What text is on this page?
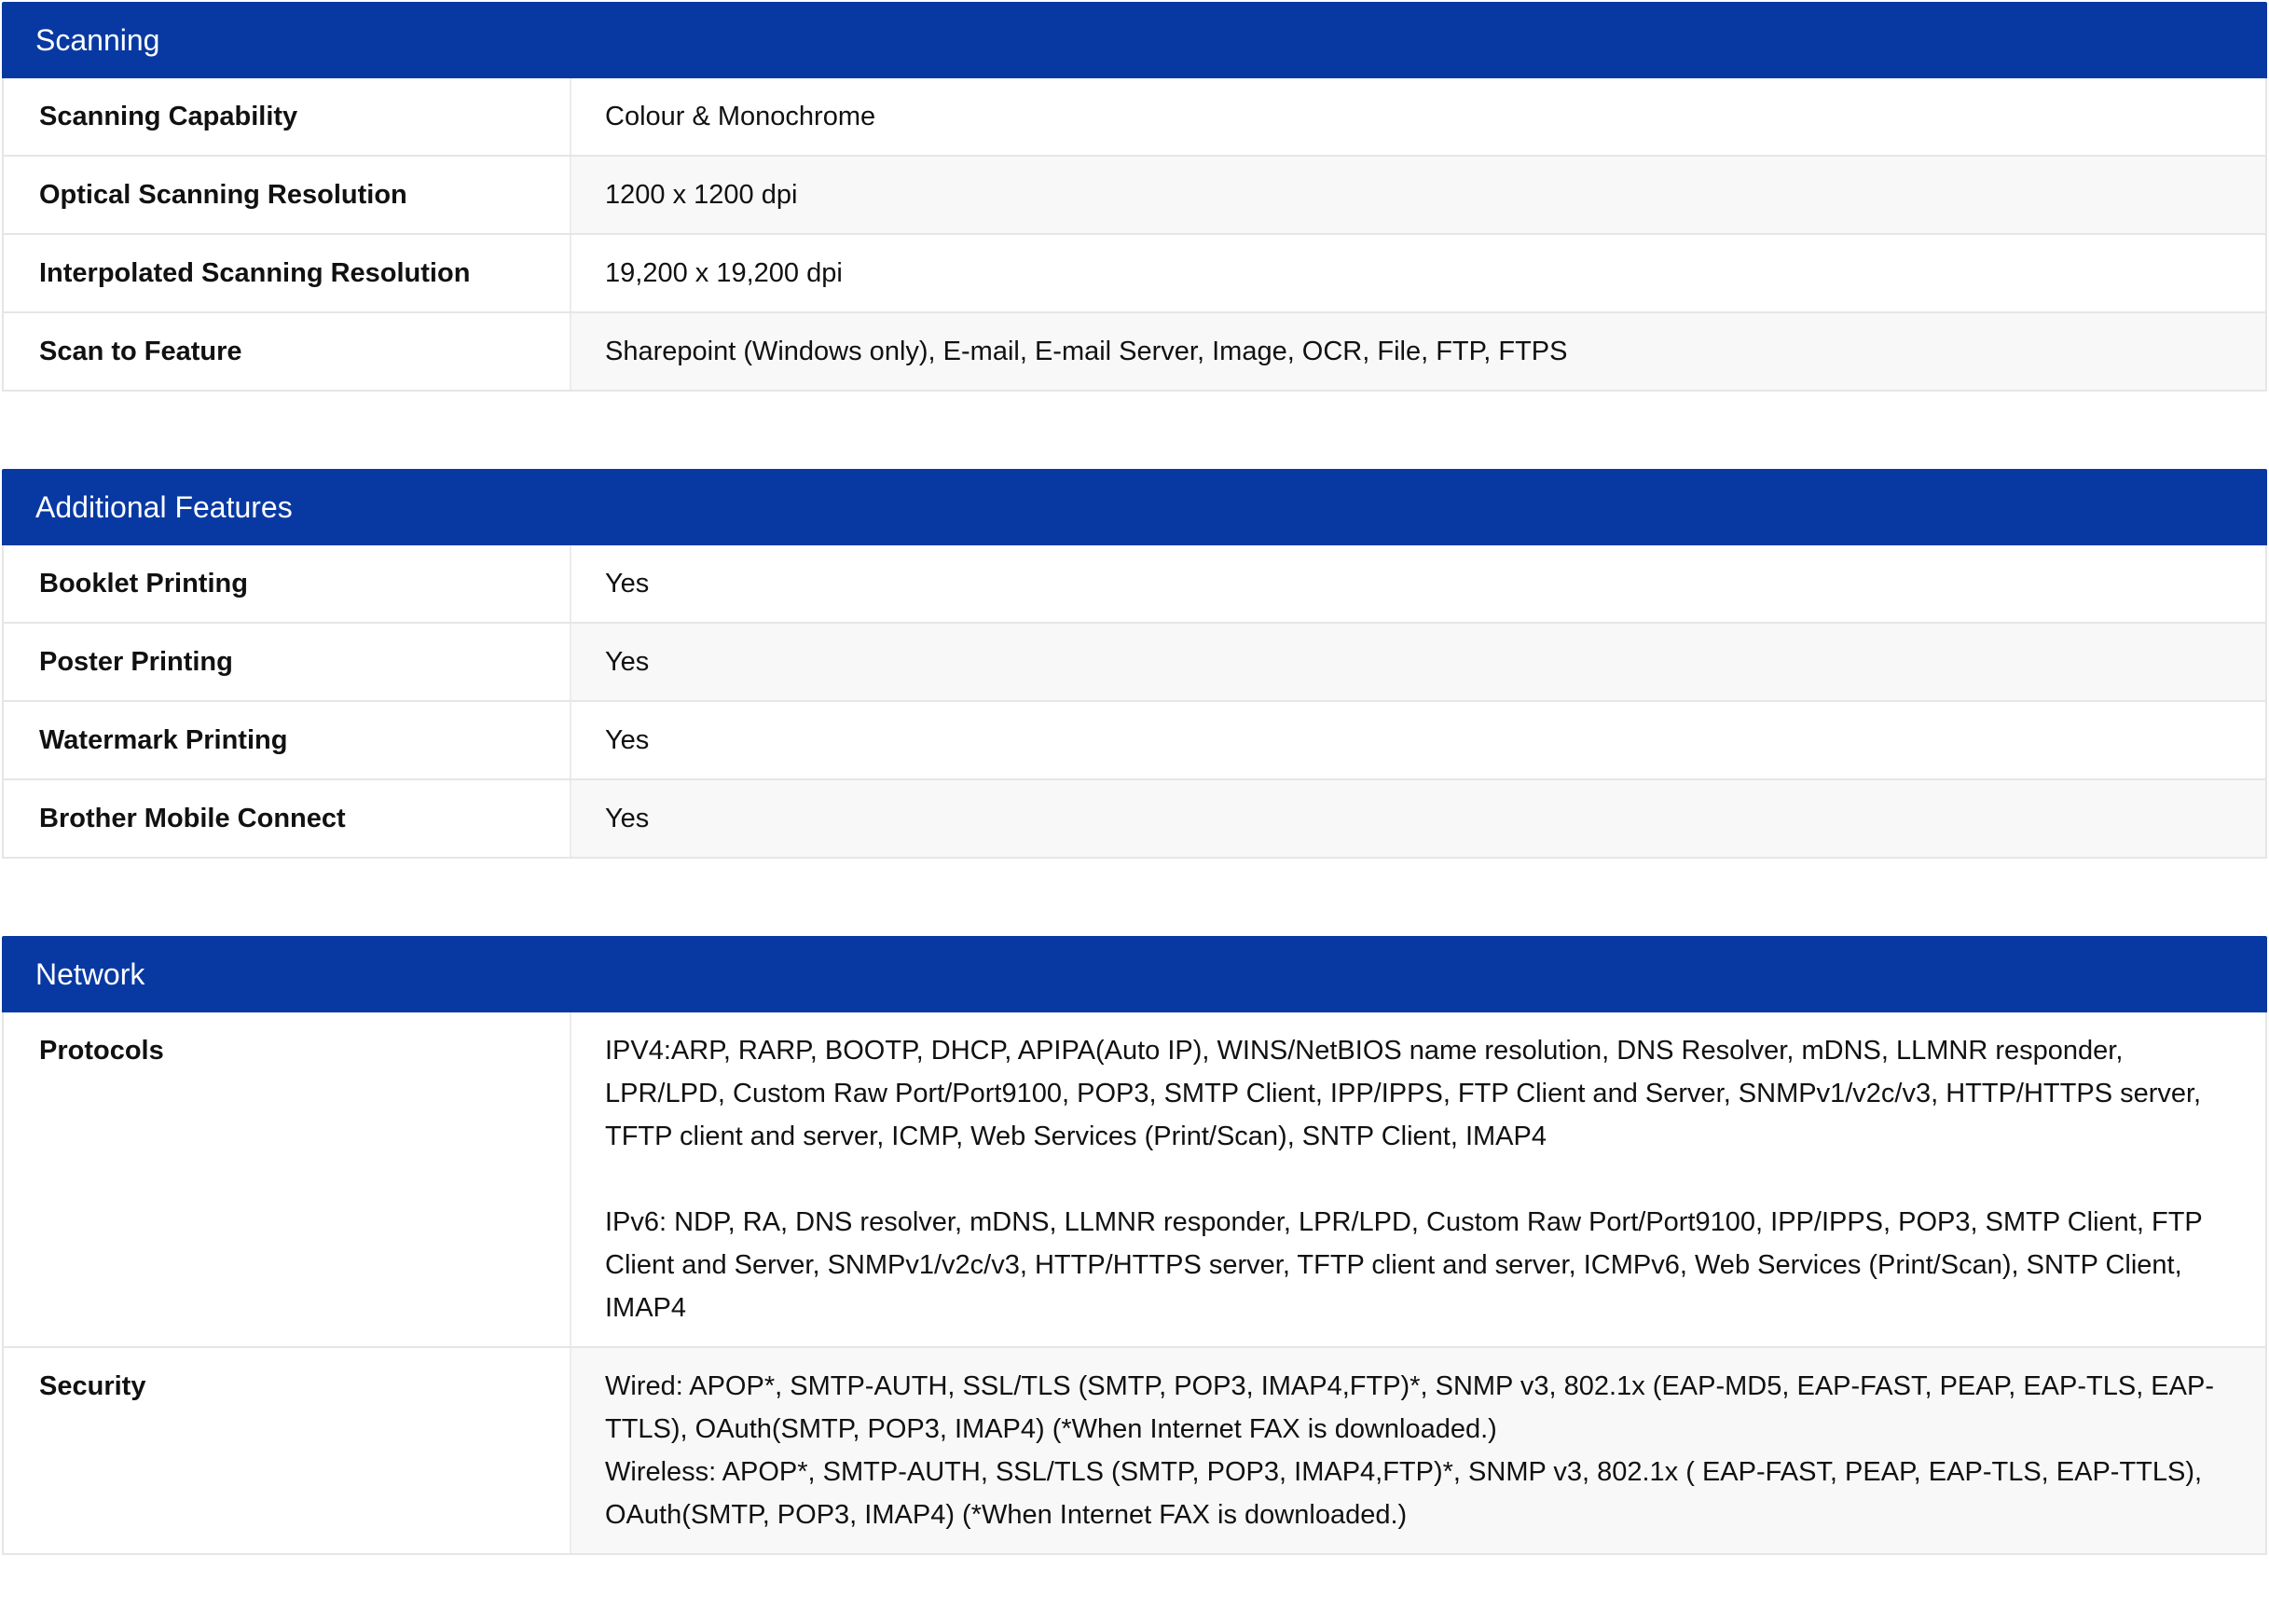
Scanning
Scanning Capability	Colour & Monochrome
Optical Scanning Resolution	1200 x 1200 dpi
Interpolated Scanning Resolution	19,200 x 19,200 dpi
Scan to Feature	Sharepoint (Windows only), E-mail, E-mail Server, Image, OCR, File, FTP, FTPS
Additional Features
Booklet Printing	Yes
Poster Printing	Yes
Watermark Printing	Yes
Brother Mobile Connect	Yes
Network
Protocols	IPV4:ARP, RARP, BOOTP, DHCP, APIPA(Auto IP), WINS/NetBIOS name resolution, DNS Resolver, mDNS, LLMNR responder, LPR/LPD, Custom Raw Port/Port9100, POP3, SMTP Client, IPP/IPPS, FTP Client and Server, SNMPv1/v2c/v3, HTTP/HTTPS server, TFTP client and server, ICMP, Web Services (Print/Scan), SNTP Client, IMAP4

IPv6: NDP, RA, DNS resolver, mDNS, LLMNR responder, LPR/LPD, Custom Raw Port/Port9100, IPP/IPPS, POP3, SMTP Client, FTP Client and Server, SNMPv1/v2c/v3, HTTP/HTTPS server, TFTP client and server, ICMPv6, Web Services (Print/Scan), SNTP Client, IMAP4

Security	Wired: APOP*, SMTP-AUTH, SSL/TLS (SMTP, POP3, IMAP4,FTP)*, SNMP v3, 802.1x (EAP-MD5, EAP-FAST, PEAP, EAP-TLS, EAP-TTLS), OAuth(SMTP, POP3, IMAP4) (*When Internet FAX is downloaded.)

Wireless: APOP*, SMTP-AUTH, SSL/TLS (SMTP, POP3, IMAP4,FTP)*, SNMP v3, 802.1x ( EAP-FAST, PEAP, EAP-TLS, EAP-TTLS), OAuth(SMTP, POP3, IMAP4) (*When Internet FAX is downloaded.)
